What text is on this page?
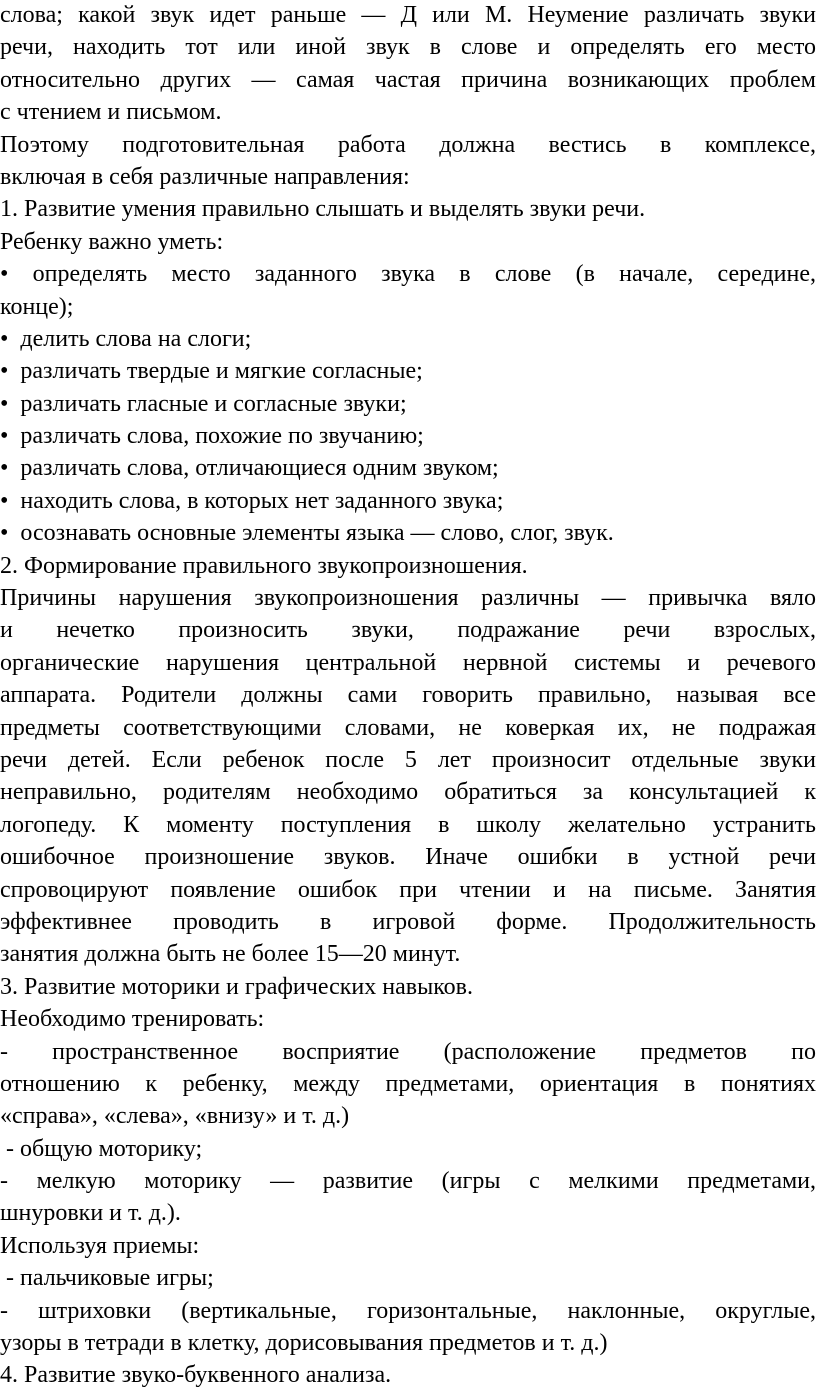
слова; какой звук идет раньше — Д или М. Неумение различать звуки
речи, находить тот или иной звук в слове и определять его место
относительно других — самая частая причина возникающих проблем
с чтением и письмом.
Поэтому подготовительная работа должна вестись в комплексе,
включая в себя различные направления:
1. Развитие умения правильно слышать и выделять звуки речи.
Ребенку важно уметь:
• определять место заданного звука в слове (в начале, середине,
конце);
•  делить слова на слоги;
•  различать твердые и мягкие согласные;
•  различать гласные и согласные звуки;
•  различать слова, похожие по звучанию;
•  различать слова, отличающиеся одним звуком;
•  находить слова, в которых нет заданного звука;
•  осознавать основные элементы языка — слово, слог, звук.
2. Формирование правильного звукопроизношения.
Причины нарушения звукопроизношения различны — привычка вяло
и нечетко произносить звуки, подражание речи взрослых,
органические нарушения центральной нервной системы и речевого
аппарата. Родители должны сами говорить правильно, называя все
предметы соответствующими словами, не коверкая их, не подражая
речи детей. Если ребенок после 5 лет произносит отдельные звуки
неправильно, родителям необходимо обратиться за консультацией к
логопеду. К моменту поступления в школу желательно устранить
ошибочное произношение звуков. Иначе ошибки в устной речи
спровоцируют появление ошибок при чтении и на письме. Занятия
эффективнее проводить в игровой форме. Продолжительность
занятия должна быть не более 15—20 минут.
3. Развитие моторики и графических навыков.
Необходимо тренировать:
- пространственное восприятие (расположение предметов по
отношению к ребенку, между предметами, ориентация в понятиях
«справа», «слева», «внизу» и т. д.)
- общую моторику;
- мелкую моторику — развитие (игры с мелкими предметами,
шнуровки и т. д.).
Используя приемы:
- пальчиковые игры;
- штриховки (вертикальные, горизонтальные, наклонные, округлые,
узоры в тетради в клетку, дорисовывания предметов и т. д.)
4. Развитие звуко-буквенного анализа.
